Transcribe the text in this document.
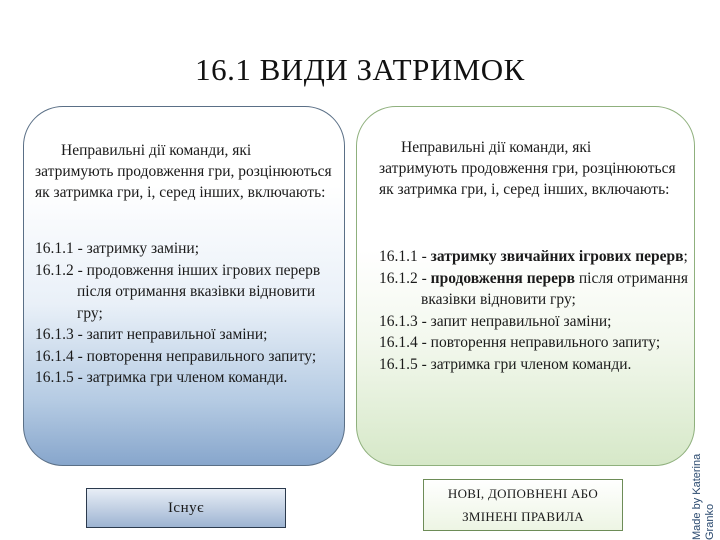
16.1 ВИДИ ЗАТРИМОК
Неправильні дії команди, які
затримують продовження гри, розцінюються як затримка гри, і, серед інших, включають:
16.1.1 - затримку заміни;
16.1.2 - продовження інших ігрових перерв після отримання вказівки відновити гру;
16.1.3 - запит неправильної заміни;
16.1.4 - повторення неправильного запиту;
16.1.5 - затримка гри членом команди.
Неправильні дії команди, які
затримують продовження гри, розцінюються як затримка гри, і, серед інших, включають:
16.1.1 - затримку звичайних ігрових перерв;
16.1.2 - продовження перерв після отримання вказівки відновити гру;
16.1.3 - запит неправильної заміни;
16.1.4 - повторення неправильного запиту;
16.1.5 - затримка гри членом команди.
Існує
НОВІ, ДОПОВНЕНІ АБО
ЗМІНЕНІ ПРАВИЛА	Made by Katerina Granko
